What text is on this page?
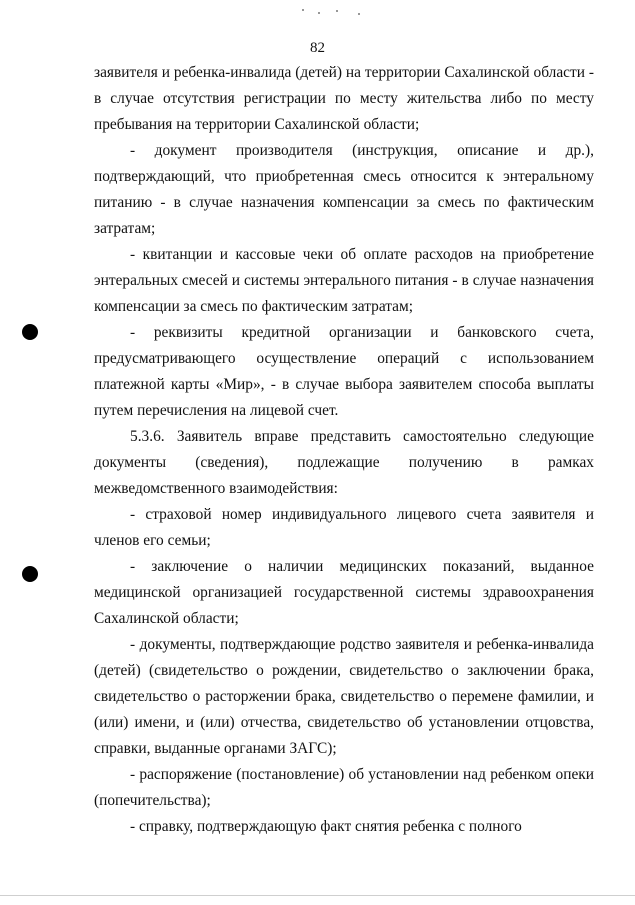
82

заявителя и ребенка-инвалида (детей) на территории Сахалинской области - в случае отсутствия регистрации по месту жительства либо по месту пребывания на территории Сахалинской области;

- документ производителя (инструкция, описание и др.), подтверждающий, что приобретенная смесь относится к энтеральному питанию - в случае назначения компенсации за смесь по фактическим затратам;

- квитанции и кассовые чеки об оплате расходов на приобретение энтеральных смесей и системы энтерального питания - в случае назначения компенсации за смесь по фактическим затратам;

- реквизиты кредитной организации и банковского счета, предусматривающего осуществление операций с использованием платежной карты «Мир», - в случае выбора заявителем способа выплаты путем перечисления на лицевой счет.

5.3.6. Заявитель вправе представить самостоятельно следующие документы (сведения), подлежащие получению в рамках межведомственного взаимодействия:

- страховой номер индивидуального лицевого счета заявителя и членов его семьи;

- заключение о наличии медицинских показаний, выданное медицинской организацией государственной системы здравоохранения Сахалинской области;

- документы, подтверждающие родство заявителя и ребенка-инвалида (детей) (свидетельство о рождении, свидетельство о заключении брака, свидетельство о расторжении брака, свидетельство о перемене фамилии, и (или) имени, и (или) отчества, свидетельство об установлении отцовства, справки, выданные органами ЗАГС);

- распоряжение (постановление) об установлении над ребенком опеки (попечительства);

- справку, подтверждающую факт снятия ребенка с полного
